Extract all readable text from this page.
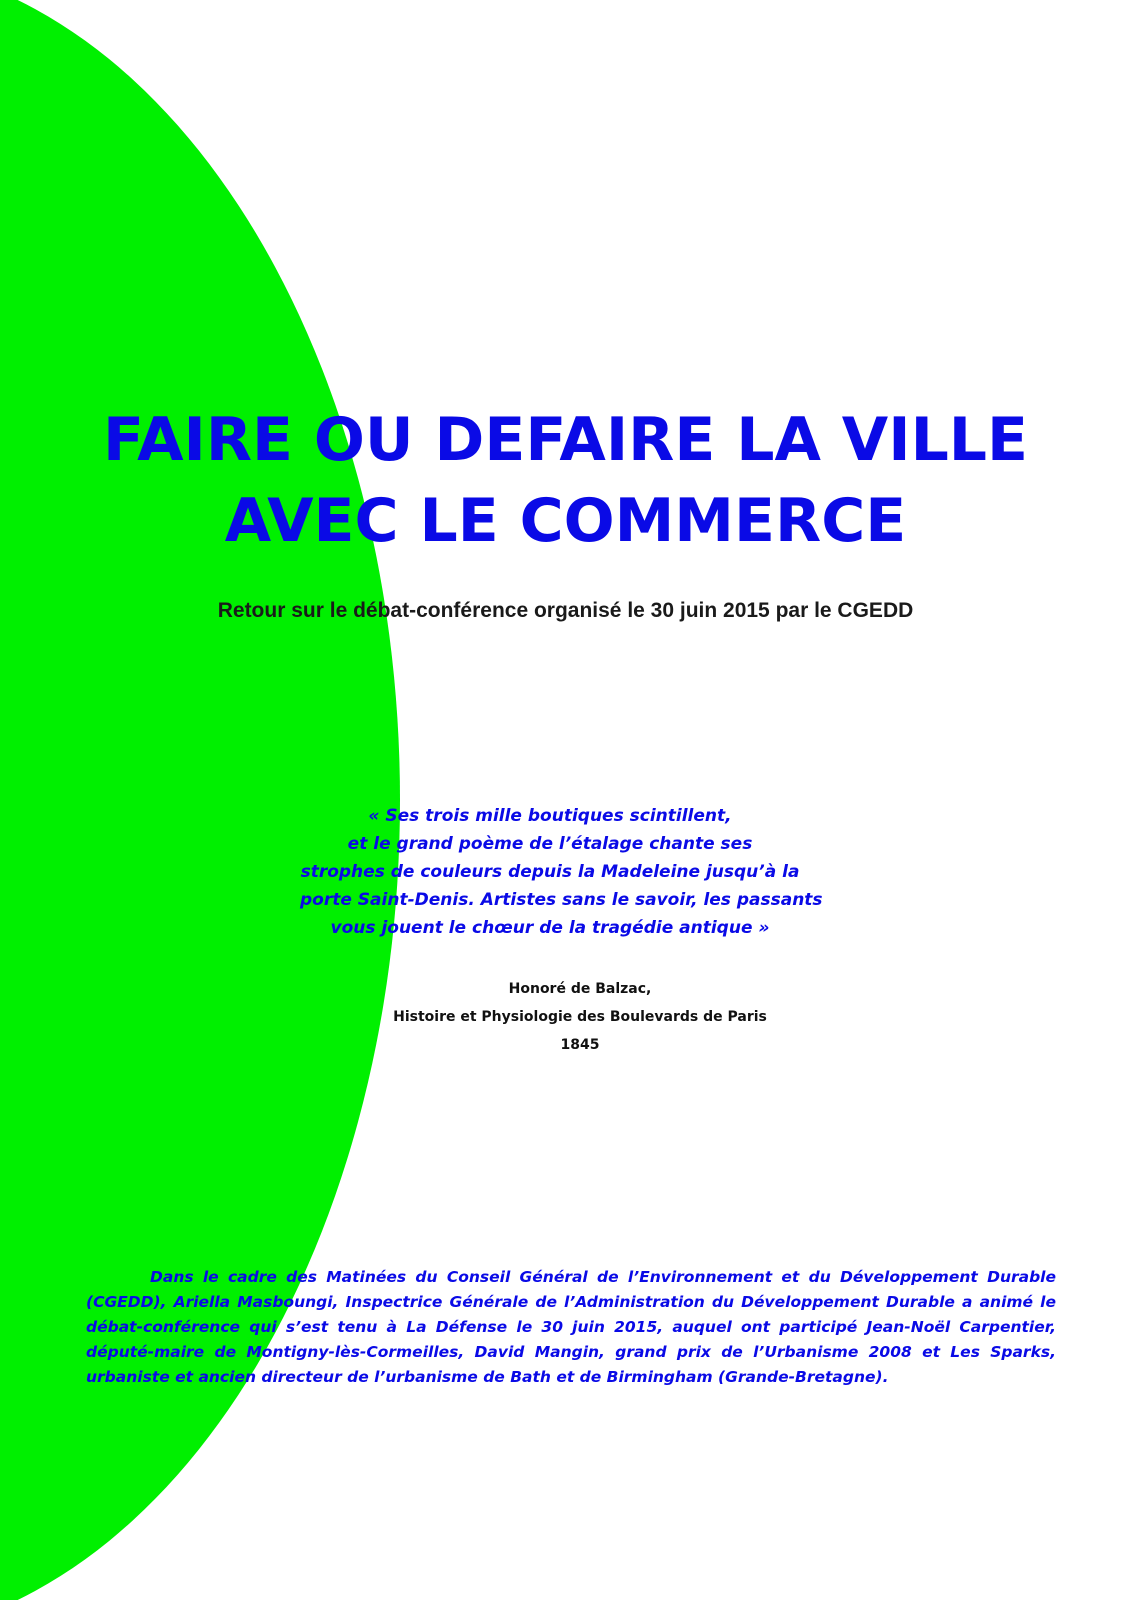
FAIRE OU DEFAIRE LA VILLE
AVEC LE COMMERCE

Retour sur le débat-conférence organisé le 30 juin 2015 par le CGEDD

« Ses trois mille boutiques scintillent,
et le grand poème de l’étalage chante ses
strophes de couleurs depuis la Madeleine jusqu’à la
porte Saint-Denis. Artistes sans le savoir, les passants
vous jouent le chœur de la tragédie antique »
Honoré de Balzac,
Histoire et Physiologie des Boulevards de Paris
1845

Dans le cadre des Matinées du Conseil Général de l’Environnement et du Développement Durable (CGEDD), Ariella Masboungi, Inspectrice Générale de l’Administration du Développement Durable a animé le débat-conférence qui s’est tenu à La Défense le 30 juin 2015, auquel ont participé Jean-Noël Carpentier, député-maire de Montigny-lès-Cormeilles, David Mangin, grand prix de l’Urbanisme 2008 et Les Sparks, urbaniste et ancien directeur de l’urbanisme de Bath et de Birmingham (Grande-Bretagne).
